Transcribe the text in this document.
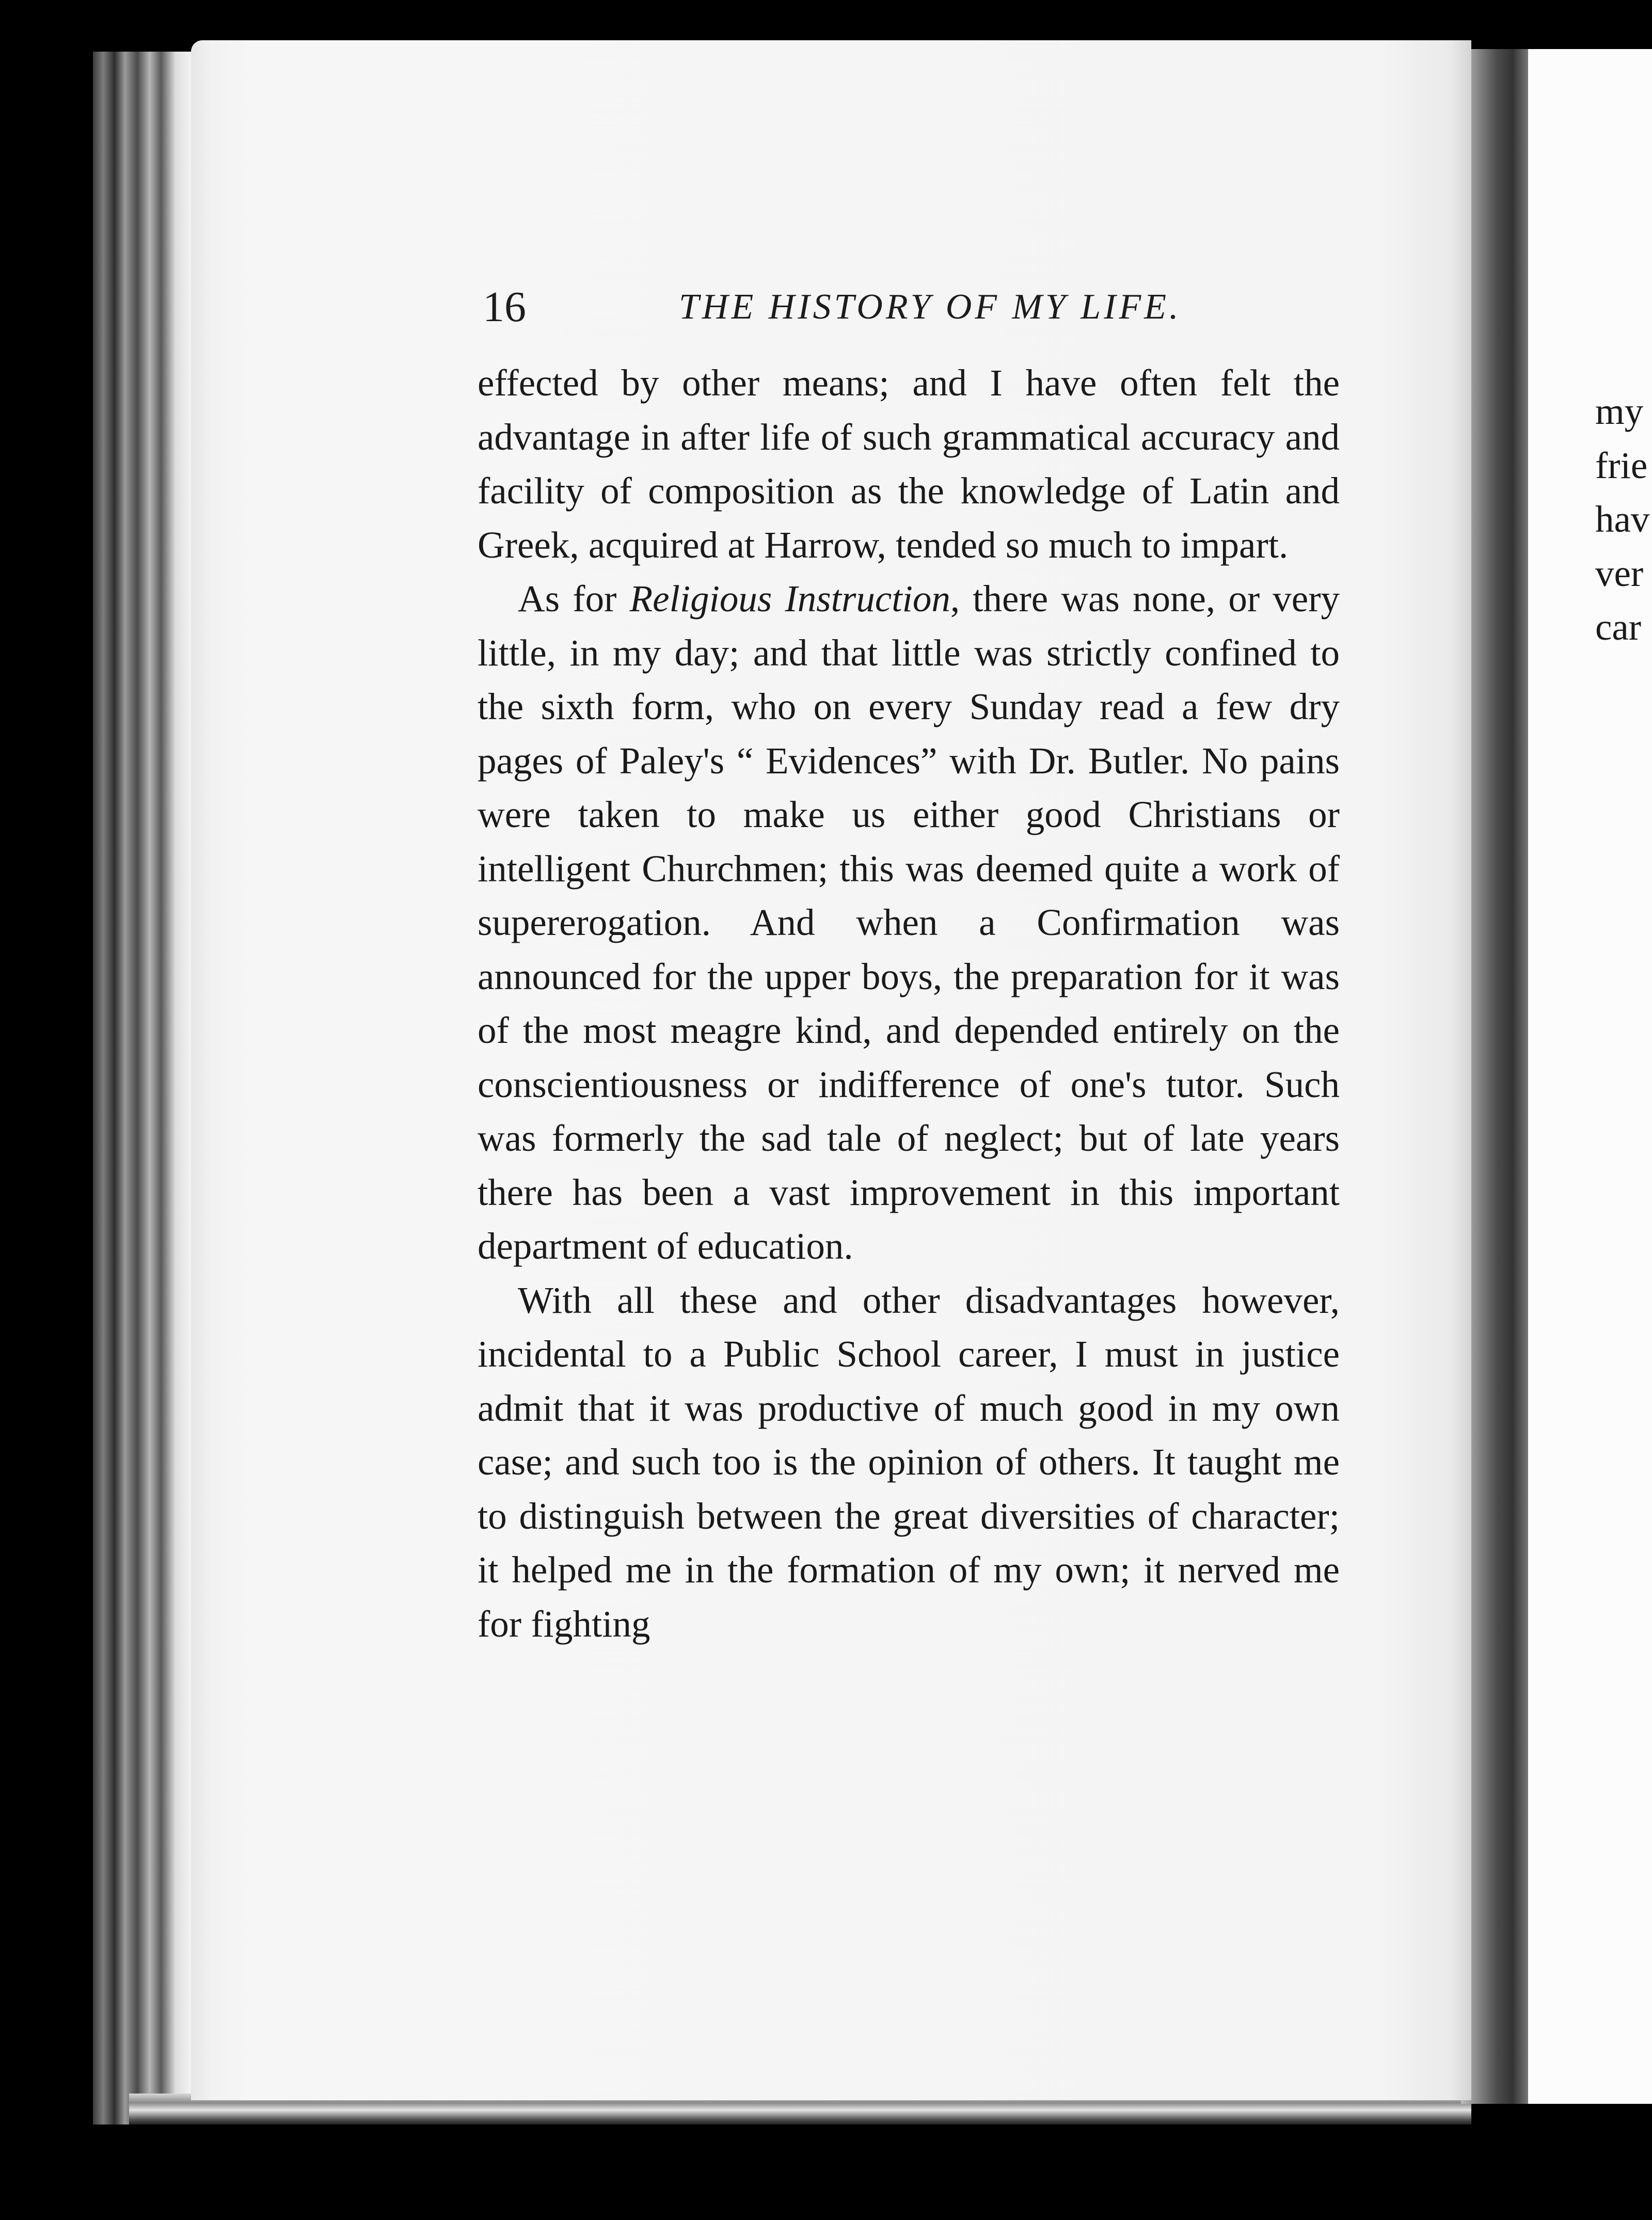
16	THE HISTORY OF MY LIFE.

effected by other means; and I have often felt the advantage in after life of such grammatical accuracy and facility of composition as the knowledge of Latin and Greek, acquired at Harrow, tended so much to impart.

As for Religious Instruction, there was none, or very little, in my day; and that little was strictly confined to the sixth form, who on every Sunday read a few dry pages of Paley's “ Evidences” with Dr. Butler. No pains were taken to make us either good Christians or intelligent Churchmen; this was deemed quite a work of supererogation. And when a Confirmation was announced for the upper boys, the preparation for it was of the most meagre kind, and depended entirely on the conscientiousness or indifference of one's tutor. Such was formerly the sad tale of neglect; but of late years there has been a vast improvement in this important department of education.

With all these and other disadvantages however, incidental to a Public School career, I must in justice admit that it was productive of much good in my own case; and such too is the opinion of others. It taught me to distinguish between the great diversities of character; it helped me in the formation of my own; it nerved me for fighting

my
frie
hav
ver
car
